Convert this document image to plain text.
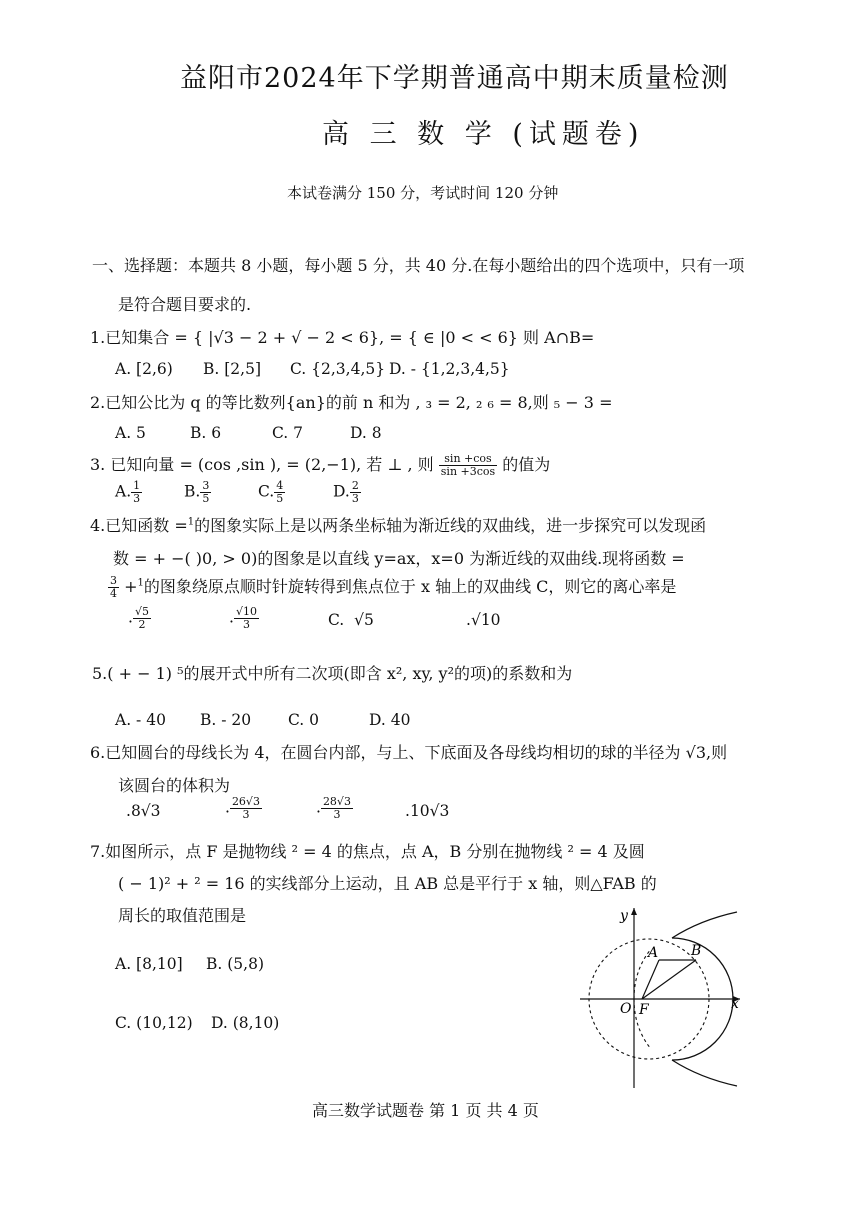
益阳市2024年下学期普通高中期末质量检测
高 三 数 学 (试题卷)
本试卷满分 150 分，考试时间 120 分钟
一、选择题：本题共 8 小题，每小题 5 分，共 40 分.在每小题给出的四个选项中，只有一项
是符合题目要求的.
1.已知集合 = { |√3 − 2 + √ − 2 < 6}, = { ∈ |0 < < 6} 则 A∩B=
A. [2,6) B. [2,5] C. {2,3,4,5} D. - {1,2,3,4,5}
2.已知公比为 q 的等比数列{an}的前 n 和为 , ₃ = 2, ₂ ₆ = 8,则 ₅ − 3 =
A. 5	B. 6	C. 7	D. 8
3. 已知向量 = (cos ,sin ), = (2,−1), 若 ⊥ , 则 $\frac{\sin +\cos}{\sin +3\cos}$ 的值为
A. $\frac{1}{3}$	B. $\frac{3}{5}$	C. $\frac{4}{5}$	D. $\frac{2}{3}$
4.已知函数 =$^1$的图象实际上是以两条坐标轴为渐近线的双曲线，进一步探究可以发现函
数 = + −( )0, > 0)的图象是以直线 y=ax，x=0 为渐近线的双曲线.现将函数 =
$\frac{3}{4} +^1$的图象绕原点顺时针旋转得到焦点位于 x 轴上的双曲线 C，则它的离心率是
. $\frac{√5}{2}$	. $\frac{√10}{3}$	C. √5	.√10
5.( + − 1) ⁵的展开式中所有二次项(即含 x², xy, y²的项)的系数和为
A. - 40 B. - 20 C. 0	D. 40
6.已知圆台的母线长为 4，在圆台内部，与上、下底面及各母线均相切的球的半径为 √3,则
该圆台的体积为
.8√3	. $\frac{26√3}{3}$	. $\frac{28√3}{3}$	.10√3
7.如图所示，点 F 是抛物线 ² = 4 的焦点，点 A，B 分别在抛物线 ² = 4 及圆
( − 1)² + ² = 16 的实线部分上运动，且 AB 总是平行于 x 轴，则△FAB 的
周长的取值范围是
A. [8,10] B. (5,8)
C. (10,12) D. (8,10)
y
x
O F
A B
高三数学试题卷 第 1 页 共 4 页
